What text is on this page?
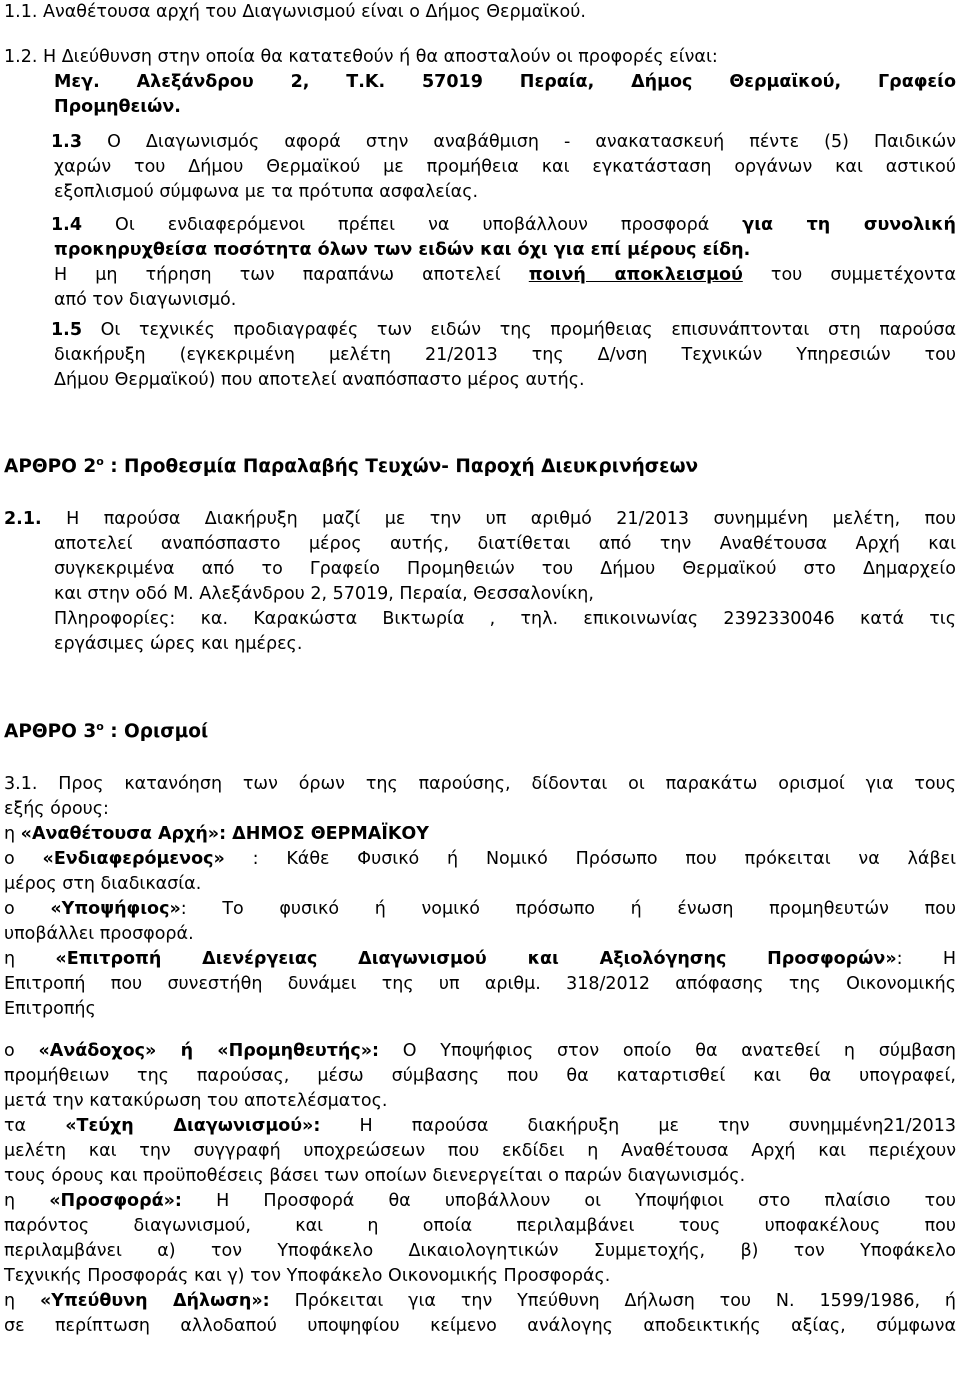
1.1. Αναθέτουσα αρχή του Διαγωνισμού είναι ο Δήμος Θερμαϊκού.
1.2. Η Διεύθυνση στην οποία θα κατατεθούν ή θα αποσταλούν οι προφορές είναι:
Μεγ. Αλεξάνδρου 2, Τ.Κ. 57019 Περαία, Δήμος Θερμαϊκού, Γραφείο
Προμηθειών.
1.3 Ο Διαγωνισμός αφορά στην αναβάθμιση - ανακατασκευή πέντε (5) Παιδικών
χαρών του Δήμου Θερμαϊκού με προμήθεια και εγκατάσταση οργάνων και αστικού
εξοπλισμού σύμφωνα με τα πρότυπα ασφαλείας.
1.4 Οι ενδιαφερόμενοι πρέπει να υποβάλλουν προσφορά για τη συνολική
προκηρυχθείσα ποσότητα όλων των ειδών και όχι για επί μέρους είδη.
Η μη τήρηση των παραπάνω αποτελεί ποινή αποκλεισμού του συμμετέχοντα
από τον διαγωνισμό.
1.5 Οι τεχνικές προδιαγραφές των ειδών της προμήθειας επισυνάπτονται στη παρούσα
διακήρυξη (εγκεκριμένη μελέτη 21/2013 της Δ/νση Τεχνικών Υπηρεσιών του
Δήμου Θερμαϊκού) που αποτελεί αναπόσπαστο μέρος αυτής.
ΑΡΘΡΟ $2^o$ : Προθεσμία Παραλαβής Τευχών- Παροχή Διευκρινήσεων
2.1. Η παρούσα Διακήρυξη μαζί με την υπ αριθμό 21/2013 συνημμένη μελέτη, που
αποτελεί αναπόσπαστο μέρος αυτής, διατίθεται από την Αναθέτουσα Αρχή και
συγκεκριμένα από το Γραφείο Προμηθειών του Δήμου Θερμαϊκού στο Δημαρχείο
και στην οδό Μ. Αλεξάνδρου 2, 57019, Περαία, Θεσσαλονίκη,
Πληροφορίες: κα. Καρακώστα Βικτωρία , τηλ. επικοινωνίας 2392330046 κατά τις
εργάσιμες ώρες και ημέρες.
ΑΡΘΡΟ $3^o$ : Ορισμοί
3.1. Προς κατανόηση των όρων της παρούσης, δίδονται οι παρακάτω ορισμοί για τους
εξής όρους:
η «Αναθέτουσα Αρχή»: ΔΗΜΟΣ ΘΕΡΜΑΪΚΟΥ
ο «Ενδιαφερόμενος» : Κάθε Φυσικό ή Νομικό Πρόσωπο που πρόκειται να λάβει
μέρος στη διαδικασία.
ο «Υποψήφιος»: Το φυσικό ή νομικό πρόσωπο ή ένωση προμηθευτών που
υποβάλλει προσφορά.
η «Επιτροπή Διενέργειας Διαγωνισμού και Αξιολόγησης Προσφορών»: Η
Επιτροπή που συνεστήθη δυνάμει της υπ αριθμ. 318/2012 απόφασης της Οικονομικής
Επιτροπής
ο «Ανάδοχος» ή «Προμηθευτής»: Ο Υποψήφιος στον οποίο θα ανατεθεί η σύμβαση
προμήθειων της παρούσας, μέσω σύμβασης που θα καταρτισθεί και θα υπογραφεί,
μετά την κατακύρωση του αποτελέσματος.
τα «Τεύχη Διαγωνισμού»: Η παρούσα διακήρυξη με την συνημμένη21/2013
μελέτη και την συγγραφή υποχρεώσεων που εκδίδει η Αναθέτουσα Αρχή και περιέχουν
τους όρους και προϋποθέσεις βάσει των οποίων διενεργείται ο παρών διαγωνισμός.
η «Προσφορά»: Η Προσφορά θα υποβάλλουν οι Υποψήφιοι στο πλαίσιο του
παρόντος διαγωνισμού, και η οποία περιλαμβάνει τους υποφακέλους που
περιλαμβάνει α) τον Υποφάκελο Δικαιολογητικών Συμμετοχής, β) τον Υποφάκελο
Τεχνικής Προσφοράς και γ) τον Υποφάκελο Οικονομικής Προσφοράς.
η «Υπεύθυνη Δήλωση»: Πρόκειται για την Υπεύθυνη Δήλωση του Ν. 1599/1986, ή
σε περίπτωση αλλοδαπού υποψηφίου κείμενο ανάλογης αποδεικτικής αξίας, σύμφωνα
